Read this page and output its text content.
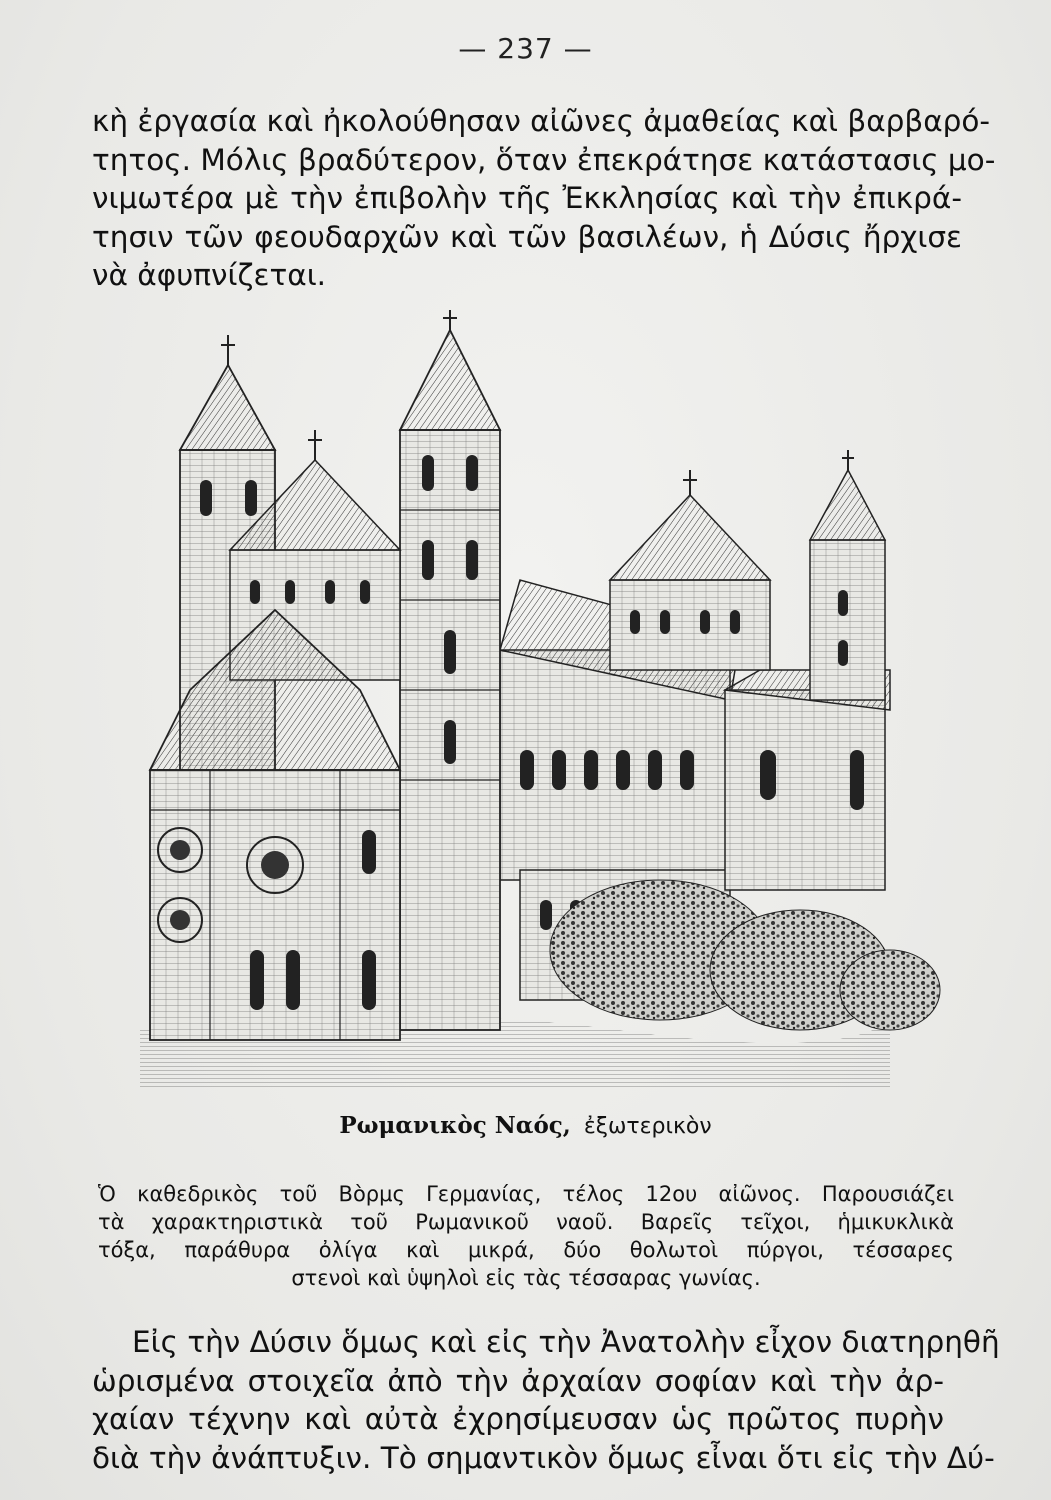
— 237 —
κὴ ἐργασία καὶ ἠκολούθησαν αἰῶνες ἀμαθείας καὶ βαρβαρό-
τητος. Μόλις βραδύτερον, ὅταν ἐπεκράτησε κατάστασις μο-
νιμωτέρα μὲ τὴν ἐπιβολὴν τῆς Ἐκκλησίας καὶ τὴν ἐπικρά-
τησιν τῶν φεουδαρχῶν καὶ τῶν βασιλέων, ἡ Δύσις ἤρχισε
νὰ ἀφυπνίζεται.
Ρωμανικὸς Ναός, ἐξωτερικὸν
Ὁ καθεδρικὸς τοῦ Βὸρμς Γερμανίας, τέλος 12ου αἰῶνος. Παρουσιάζει
τὰ χαρακτηριστικὰ τοῦ Ρωμανικοῦ ναοῦ. Βαρεῖς τεῖχοι, ἡμικυκλικὰ
τόξα, παράθυρα ὀλίγα καὶ μικρά, δύο θολωτοὶ πύργοι, τέσσαρες
στενοὶ καὶ ὑψηλοὶ εἰς τὰς τέσσαρας γωνίας.
Εἰς τὴν Δύσιν ὅμως καὶ εἰς τὴν Ἀνατολὴν εἶχον διατηρηθῆ
ὡρισμένα στοιχεῖα ἀπὸ τὴν ἀρχαίαν σοφίαν καὶ τὴν ἀρ-
χαίαν τέχνην καὶ αὐτὰ ἐχρησίμευσαν ὡς πρῶτος πυρὴν
διὰ τὴν ἀνάπτυξιν. Τὸ σημαντικὸν ὅμως εἶναι ὅτι εἰς τὴν Δύ-
